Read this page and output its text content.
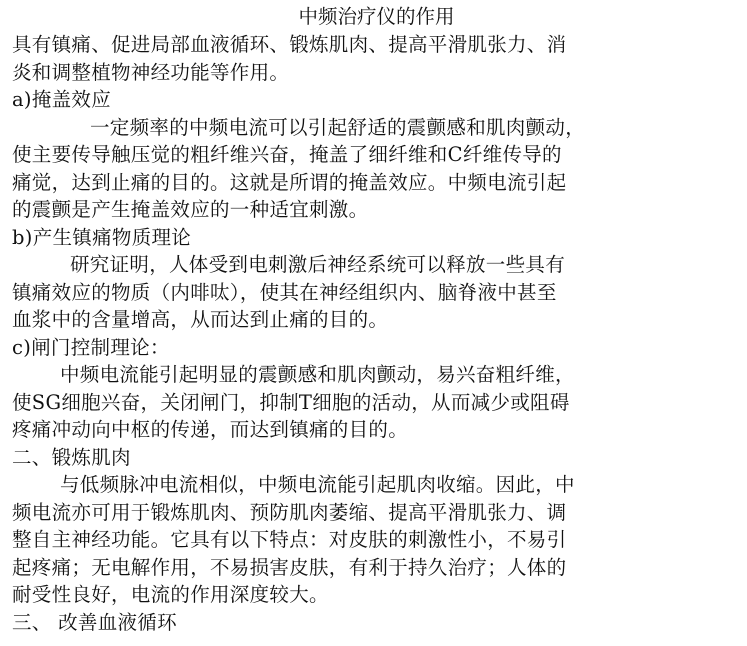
中频治疗仪的作用
具有镇痛、促进局部血液循环、锻炼肌肉、提高平滑肌张力、消
炎和调整植物神经功能等作用。
a)掩盖效应
一定频率的中频电流可以引起舒适的震颤感和肌肉颤动，
使主要传导触压觉的粗纤维兴奋，掩盖了细纤维和C纤维传导的
痛觉，达到止痛的目的。这就是所谓的掩盖效应。中频电流引起
的震颤是产生掩盖效应的一种适宜刺激。
b)产生镇痛物质理论
研究证明，人体受到电刺激后神经系统可以释放一些具有
镇痛效应的物质（内啡呔），使其在神经组织内、脑脊液中甚至
血浆中的含量增高，从而达到止痛的目的。
c)闸门控制理论：
中频电流能引起明显的震颤感和肌肉颤动，易兴奋粗纤维，
使SG细胞兴奋，关闭闸门，抑制T细胞的活动，从而减少或阻碍
疼痛冲动向中枢的传递，而达到镇痛的目的。
二、锻炼肌肉
与低频脉冲电流相似，中频电流能引起肌肉收缩。因此，中
频电流亦可用于锻炼肌肉、预防肌肉萎缩、提高平滑肌张力、调
整自主神经功能。它具有以下特点：对皮肤的刺激性小，不易引
起疼痛；无电解作用，不易损害皮肤，有利于持久治疗；人体的
耐受性良好，电流的作用深度较大。
三、 改善血液循环
